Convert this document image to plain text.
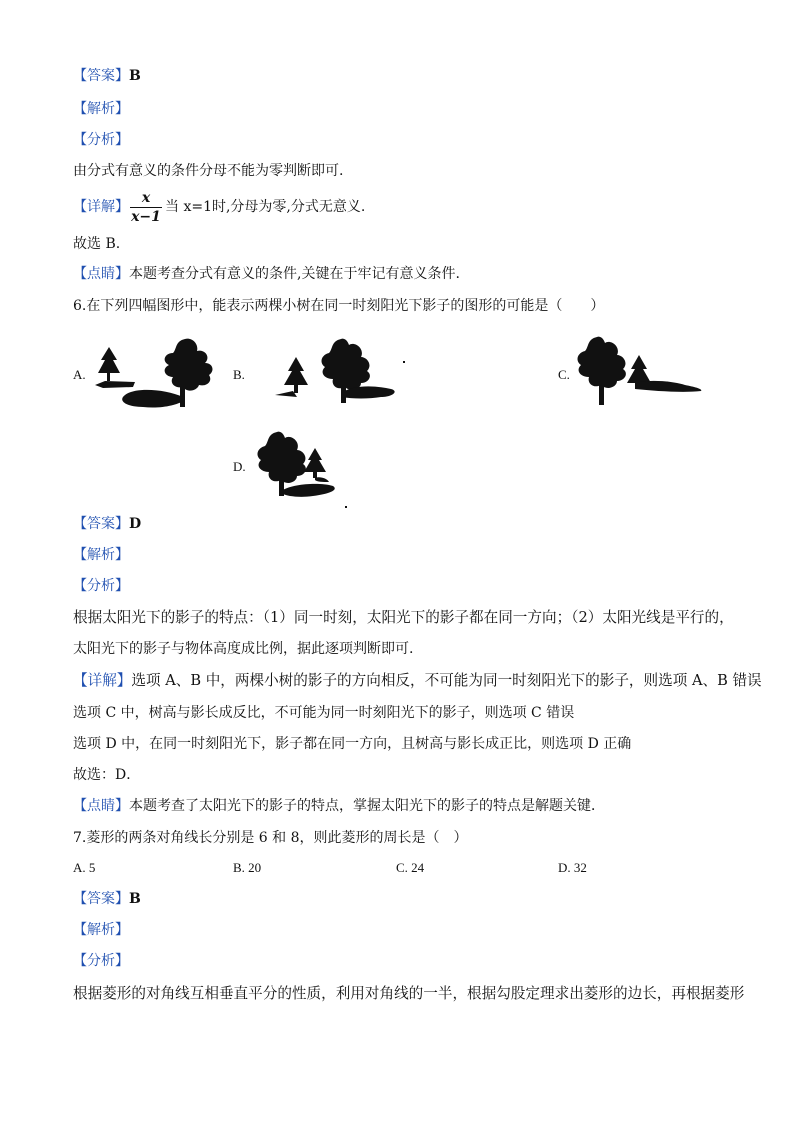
【答案】B
【解析】
【分析】
由分式有意义的条件分母不能为零判断即可.
【详解】
x
x−1
当 x=1时,分母为零,分式无意义.
故选 B.
【点睛】本题考查分式有意义的条件,关键在于牢记有意义条件.
6.在下列四幅图形中，能表示两棵小树在同一时刻阳光下影子的图形的可能是（　　）
A.	B.	C.
D.
【答案】D
【解析】
【分析】
根据太阳光下的影子的特点：（1）同一时刻，太阳光下的影子都在同一方向；（2）太阳光线是平行的，
太阳光下的影子与物体高度成比例，据此逐项判断即可.
【详解】选项 A、B 中，两棵小树的影子的方向相反，不可能为同一时刻阳光下的影子，则选项 A、B 错误
选项 C 中，树高与影长成反比，不可能为同一时刻阳光下的影子，则选项 C 错误
选项 D 中，在同一时刻阳光下，影子都在同一方向，且树高与影长成正比，则选项 D 正确
故选：D．
【点睛】本题考查了太阳光下的影子的特点，掌握太阳光下的影子的特点是解题关键．
7.菱形的两条对角线长分别是 6 和 8，则此菱形的周长是（　）
A. 5	B. 20	C. 24	D. 32
【答案】B
【解析】
【分析】
根据菱形的对角线互相垂直平分的性质，利用对角线的一半，根据勾股定理求出菱形的边长，再根据菱形
